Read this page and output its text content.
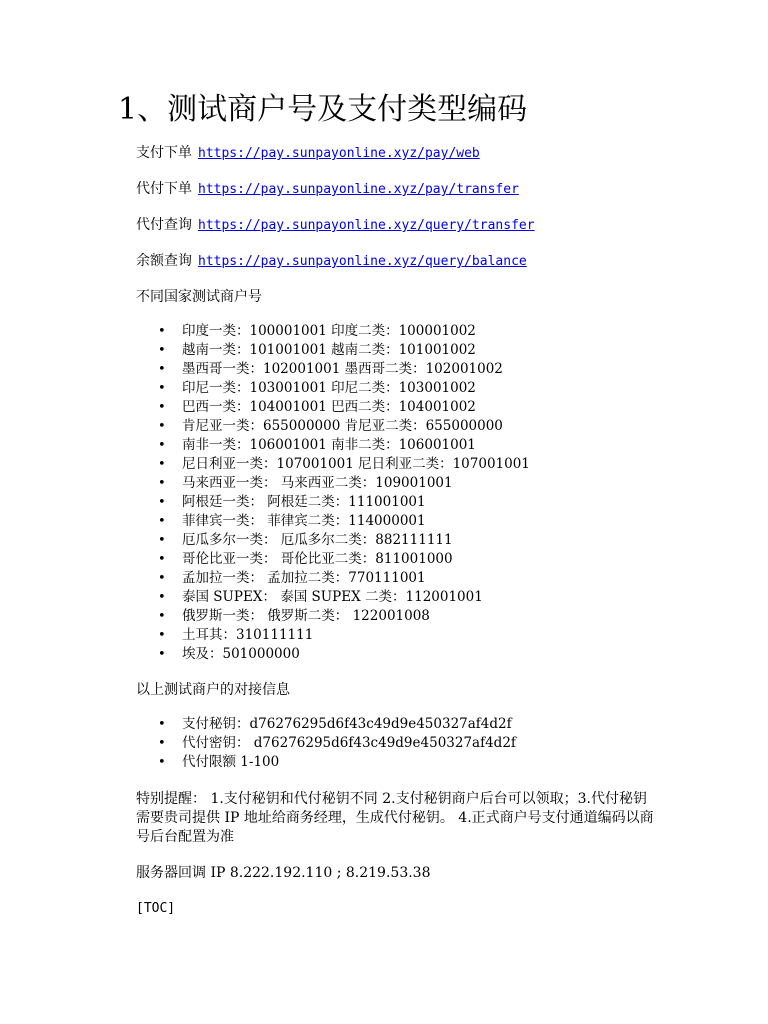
1、测试商户号及支付类型编码
支付下单 https://pay.sunpayonline.xyz/pay/web
代付下单 https://pay.sunpayonline.xyz/pay/transfer
代付查询 https://pay.sunpayonline.xyz/query/transfer
余额查询 https://pay.sunpayonline.xyz/query/balance
不同国家测试商户号
• 印度一类：100001001 印度二类：100001002
• 越南一类：101001001 越南二类：101001002
• 墨西哥一类：102001001 墨西哥二类：102001002
• 印尼一类：103001001 印尼二类：103001002
• 巴西一类：104001001 巴西二类：104001002
• 肯尼亚一类：655000000 肯尼亚二类：655000000
• 南非一类：106001001 南非二类：106001001
• 尼日利亚一类：107001001 尼日利亚二类：107001001
• 马来西亚一类： 马来西亚二类：109001001
• 阿根廷一类： 阿根廷二类：111001001
• 菲律宾一类： 菲律宾二类：114000001
• 厄瓜多尔一类： 厄瓜多尔二类：882111111
• 哥伦比亚一类： 哥伦比亚二类：811001000
• 孟加拉一类： 孟加拉二类：770111001
• 泰国 SUPEX： 泰国 SUPEX 二类：112001001
• 俄罗斯一类： 俄罗斯二类： 122001008
• 土耳其：310111111
• 埃及：501000000
以上测试商户的对接信息
• 支付秘钥：d76276295d6f43c49d9e450327af4d2f
• 代付密钥： d76276295d6f43c49d9e450327af4d2f
• 代付限额 1-100
特别提醒： 1.支付秘钥和代付秘钥不同 2.支付秘钥商户后台可以领取；3.代付秘钥需要贵司提供 IP 地址给商务经理，生成代付秘钥。 4.正式商户号支付通道编码以商号后台配置为准
服务器回调 IP 8.222.192.110 ; 8.219.53.38
[TOC]
